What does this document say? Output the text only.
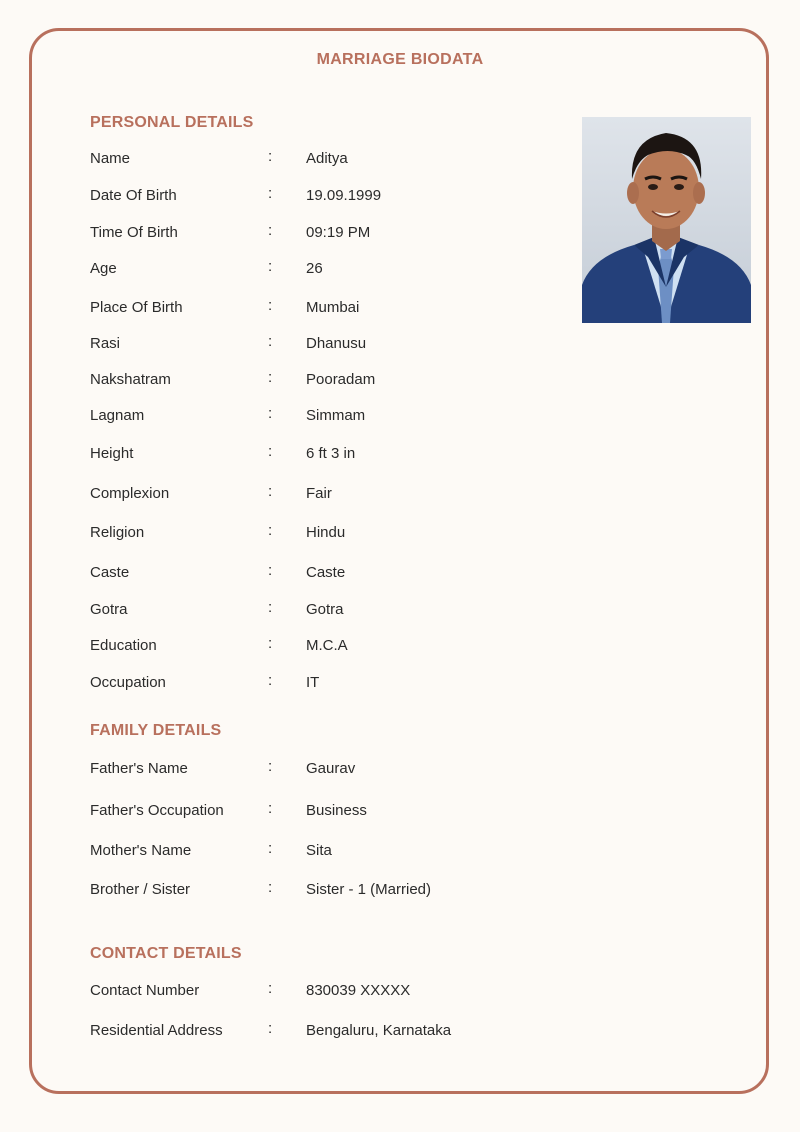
MARRIAGE BIODATA
PERSONAL DETAILS
Name	: Aditya
Date Of Birth	: 19.09.1999
Time Of Birth	: 09:19 PM
Age	: 26
Place Of Birth	: Mumbai
Rasi	: Dhanusu
Nakshatram	: Pooradam
Lagnam	: Simmam
Height	: 6 ft 3 in
Complexion	: Fair
Religion	: Hindu
Caste	: Caste
Gotra	: Gotra
Education	: M.C.A
Occupation	: IT
FAMILY DETAILS
Father's Name	: Gaurav
Father's Occupation	: Business
Mother's Name	: Sita
Brother / Sister	: Sister - 1 (Married)
CONTACT DETAILS
Contact Number	: 830039 XXXXX
Residential Address	: Bengaluru, Karnataka
